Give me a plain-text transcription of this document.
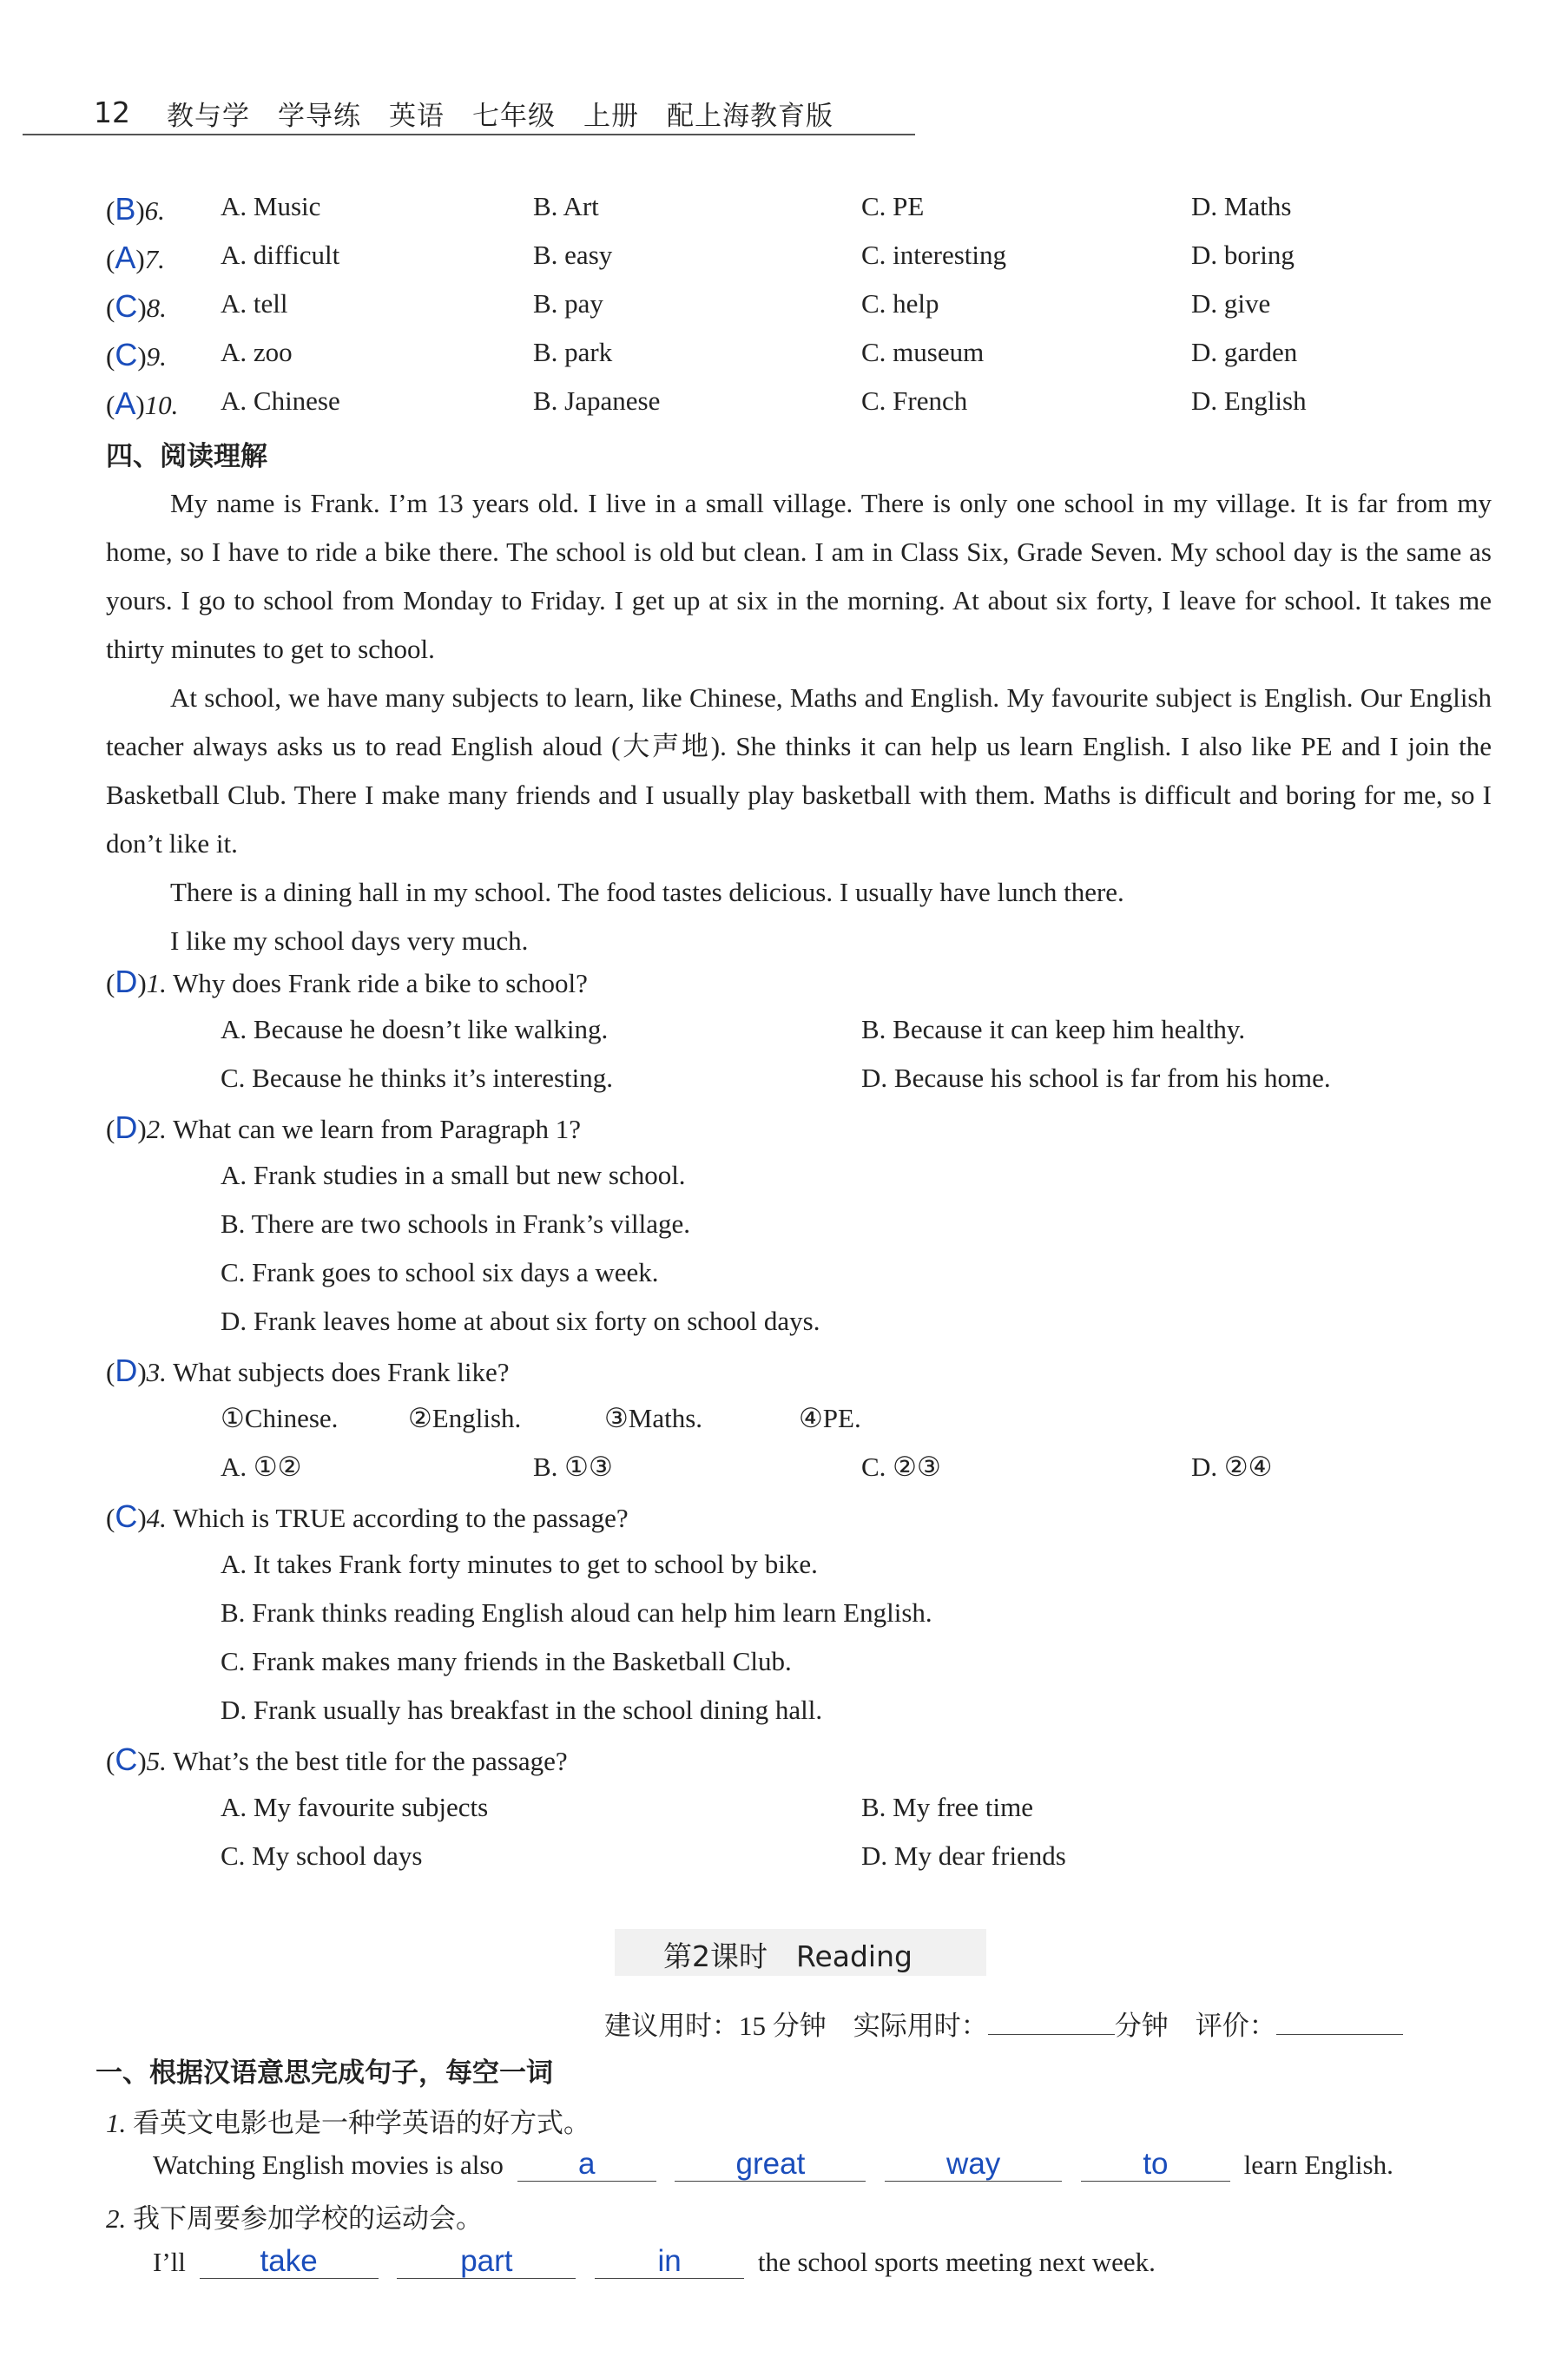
12 教与学　学导练　英语　七年级　上册　配上海教育版
(B)6. A. Music	B. Art	C. PE	D. Maths
(A)7. A. difficult	B. easy	C. interesting	D. boring
(C)8. A. tell	B. pay	C. help	D. give
(C)9. A. zoo	B. park	C. museum	D. garden
(A)10. A. Chinese	B. Japanese	C. French	D. English
四、阅读理解
My name is Frank. I’m 13 years old. I live in a small village. There is only one school in my village. It is far from my home, so I have to ride a bike there. The school is old but clean. I am in Class Six, Grade Seven. My school day is the same as yours. I go to school from Monday to Friday. I get up at six in the morning. At about six forty, I leave for school. It takes me thirty minutes to get to school.
At school, we have many subjects to learn, like Chinese, Maths and English. My favourite subject is English. Our English teacher always asks us to read English aloud (大声地). She thinks it can help us learn English. I also like PE and I join the Basketball Club. There I make many friends and I usually play basketball with them. Maths is difficult and boring for me, so I don’t like it.
There is a dining hall in my school. The food tastes delicious. I usually have lunch there.
I like my school days very much.
(D)1. Why does Frank ride a bike to school?
A. Because he doesn’t like walking.	B. Because it can keep him healthy.
C. Because he thinks it’s interesting.	D. Because his school is far from his home.
(D)2. What can we learn from Paragraph 1?
A. Frank studies in a small but new school.
B. There are two schools in Frank’s village.
C. Frank goes to school six days a week.
D. Frank leaves home at about six forty on school days.
(D)3. What subjects does Frank like?
①Chinese.	②English.	③Maths.	④PE.
A. ①②	B. ①③	C. ②③	D. ②④
(C)4. Which is TRUE according to the passage?
A. It takes Frank forty minutes to get to school by bike.
B. Frank thinks reading English aloud can help him learn English.
C. Frank makes many friends in the Basketball Club.
D. Frank usually has breakfast in the school dining hall.
(C)5. What’s the best title for the passage?
A. My favourite subjects	B. My free time
C. My school days	D. My dear friends
第2课时　Reading
建议用时：15 分钟　实际用时：	分钟　评价：
一、根据汉语意思完成句子，每空一词
1. 看英文电影也是一种学英语的好方式。
Watching English movies is also a	great	way	to	learn English.
2. 我下周要参加学校的运动会。
I’ll take	part	in	the school sports meeting next week.
